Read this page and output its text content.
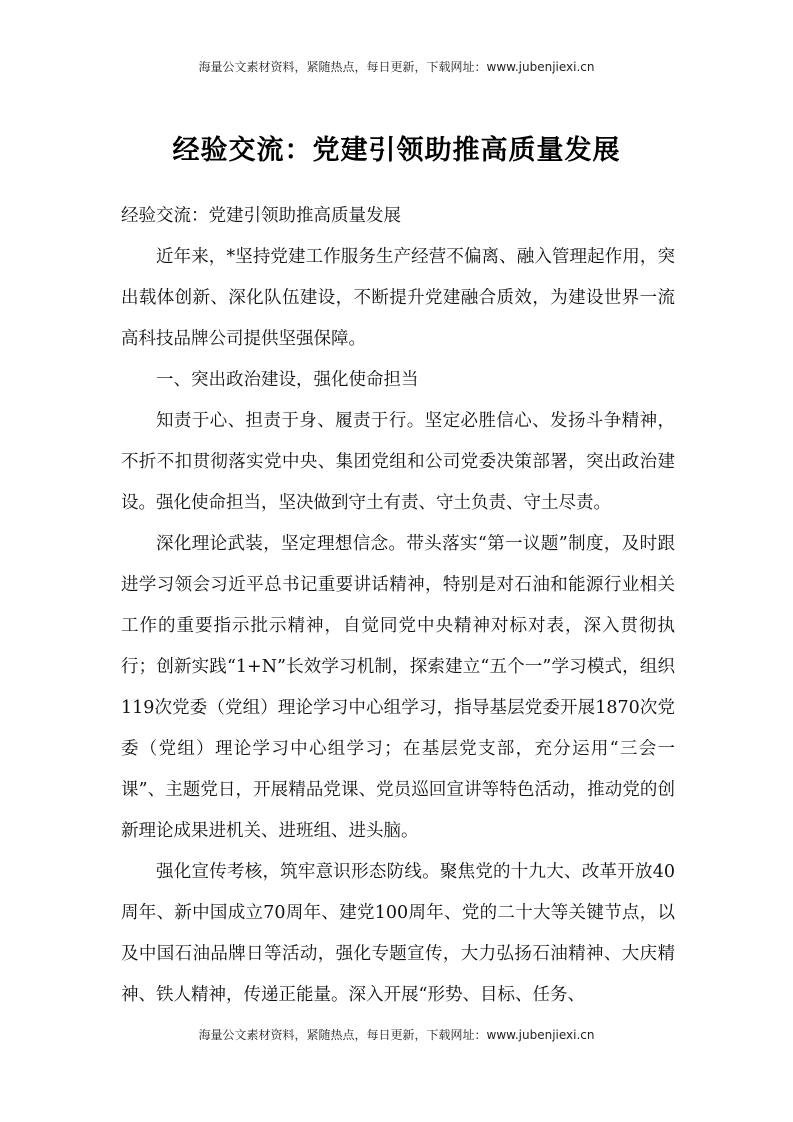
海量公文素材资料，紧随热点，每日更新，下载网址：www.jubenjiexi.cn
经验交流：党建引领助推高质量发展

经验交流：党建引领助推高质量发展

近年来，*坚持党建工作服务生产经营不偏离、融入管理起作用，突出载体创新、深化队伍建设，不断提升党建融合质效，为建设世界一流高科技品牌公司提供坚强保障。

一、突出政治建设，强化使命担当

知责于心、担责于身、履责于行。坚定必胜信心、发扬斗争精神，不折不扣贯彻落实党中央、集团党组和公司党委决策部署，突出政治建设。强化使命担当，坚决做到守土有责、守土负责、守土尽责。

深化理论武装，坚定理想信念。带头落实“第一议题”制度，及时跟进学习领会习近平总书记重要讲话精神，特别是对石油和能源行业相关工作的重要指示批示精神，自觉同党中央精神对标对表，深入贯彻执行；创新实践“1+N”长效学习机制，探索建立“五个一”学习模式，组织119次党委（党组）理论学习中心组学习，指导基层党委开展1870次党委（党组）理论学习中心组学习；在基层党支部，充分运用“三会一课”、主题党日，开展精品党课、党员巡回宣讲等特色活动，推动党的创新理论成果进机关、进班组、进头脑。

强化宣传考核，筑牢意识形态防线。聚焦党的十九大、改革开放40周年、新中国成立70周年、建党100周年、党的二十大等关键节点，以及中国石油品牌日等活动，强化专题宣传，大力弘扬石油精神、大庆精神、铁人精神，传递正能量。深入开展“形势、目标、任务、

海量公文素材资料，紧随热点，每日更新，下载网址：www.jubenjiexi.cn
